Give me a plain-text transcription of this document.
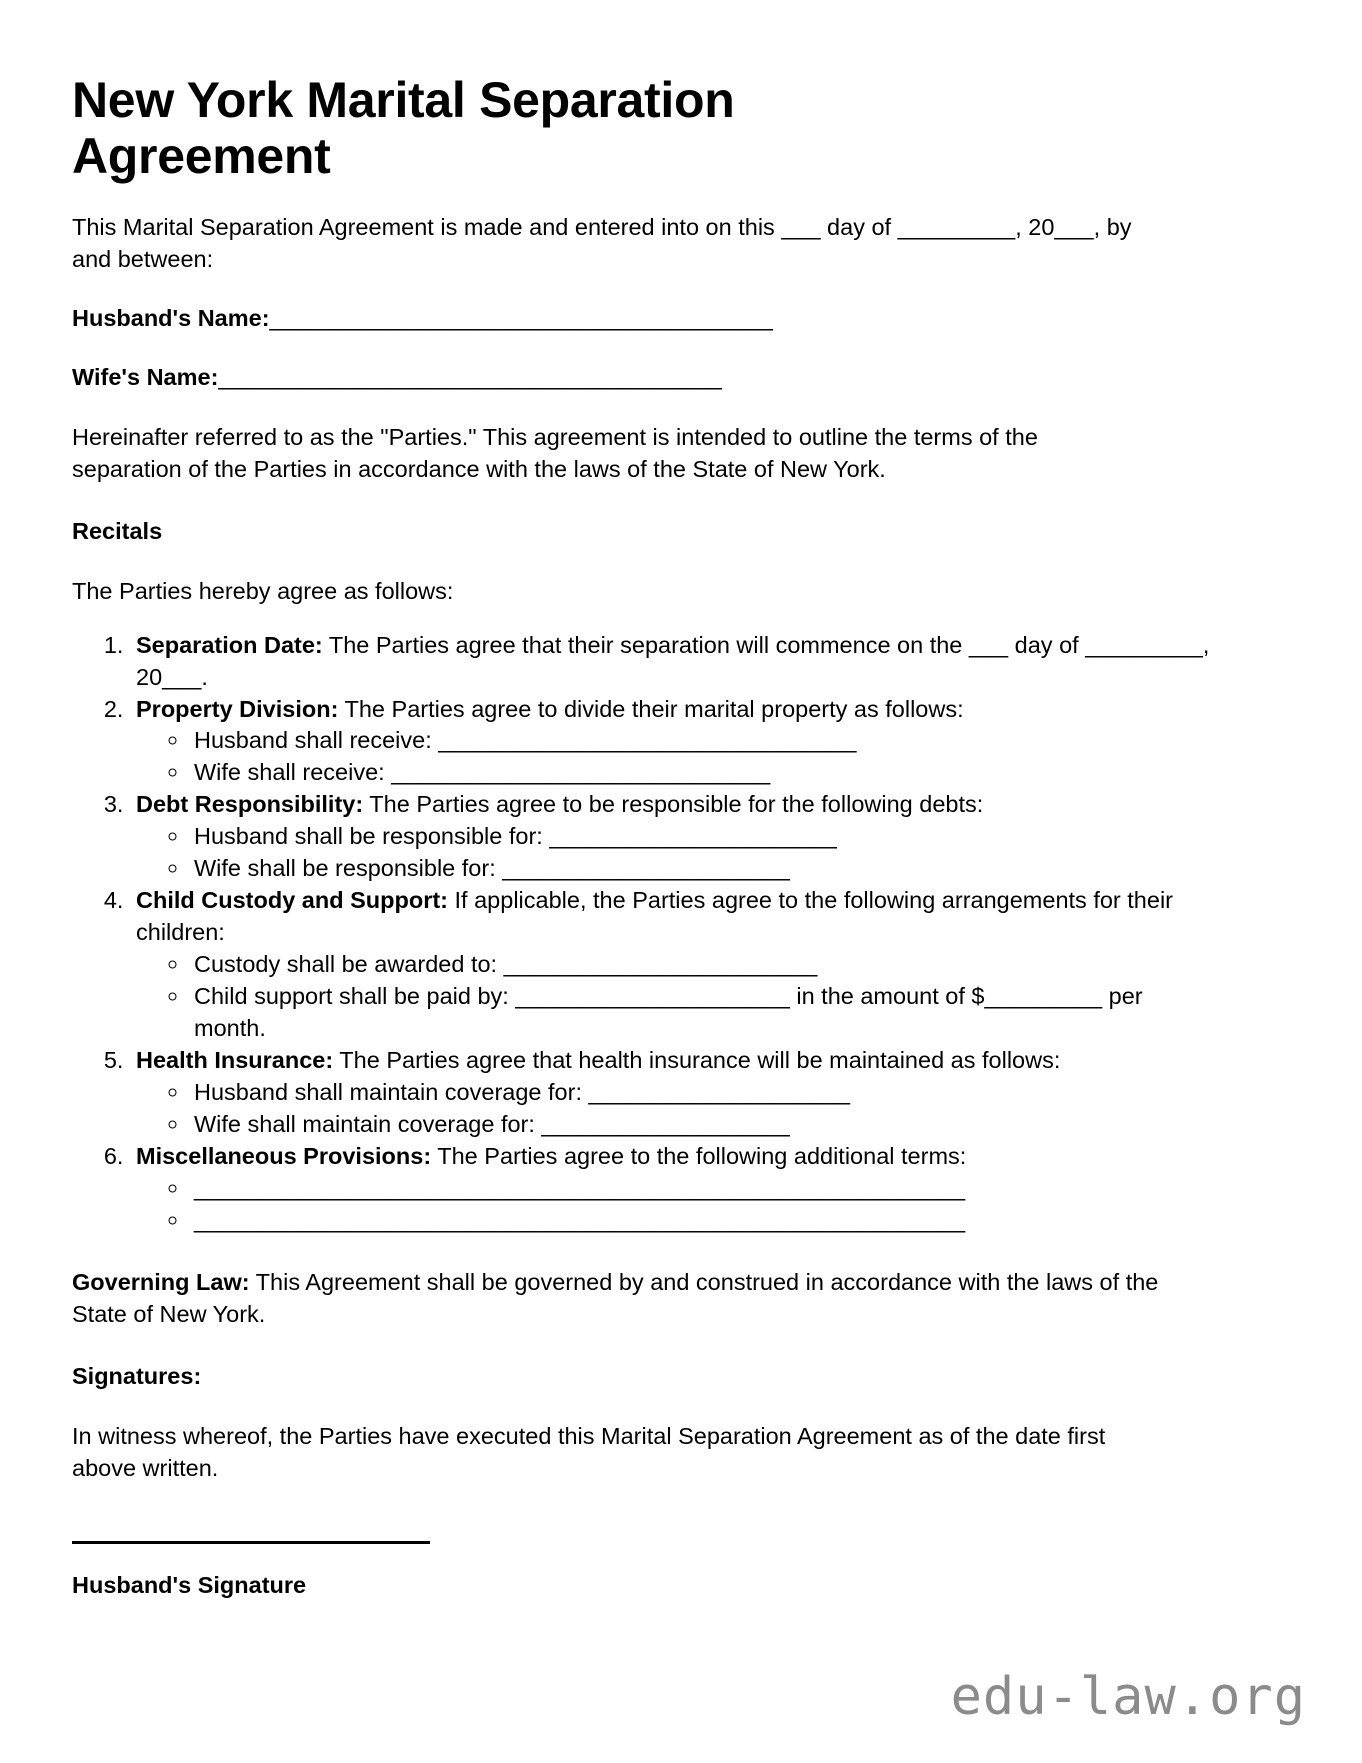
New York Marital Separation Agreement

This Marital Separation Agreement is made and entered into on this ___ day of _________, 20___, by and between:

Husband's Name:________________________________________
Wife's Name:________________________________________

Hereinafter referred to as the "Parties." This agreement is intended to outline the terms of the separation of the Parties in accordance with the laws of the State of New York.

Recitals

The Parties hereby agree as follows:

1. Separation Date: The Parties agree that their separation will commence on the ___ day of _________, 20___.
2. Property Division: The Parties agree to divide their marital property as follows:
◦ Husband shall receive: ________________________________
◦ Wife shall receive: _____________________________
3. Debt Responsibility: The Parties agree to be responsible for the following debts:
◦ Husband shall be responsible for: ______________________
◦ Wife shall be responsible for: ______________________
4. Child Custody and Support: If applicable, the Parties agree to the following arrangements for their children:
◦ Custody shall be awarded to: ________________________
◦ Child support shall be paid by: _____________________ in the amount of $_________ per month.
5. Health Insurance: The Parties agree that health insurance will be maintained as follows:
◦ Husband shall maintain coverage for: ____________________
◦ Wife shall maintain coverage for: ___________________
6. Miscellaneous Provisions: The Parties agree to the following additional terms:
◦ ___________________________________________________________
◦ ___________________________________________________________

Governing Law: This Agreement shall be governed by and construed in accordance with the laws of the State of New York.

Signatures:

In witness whereof, the Parties have executed this Marital Separation Agreement as of the date first above written.

Husband's Signature
edu-law.org
